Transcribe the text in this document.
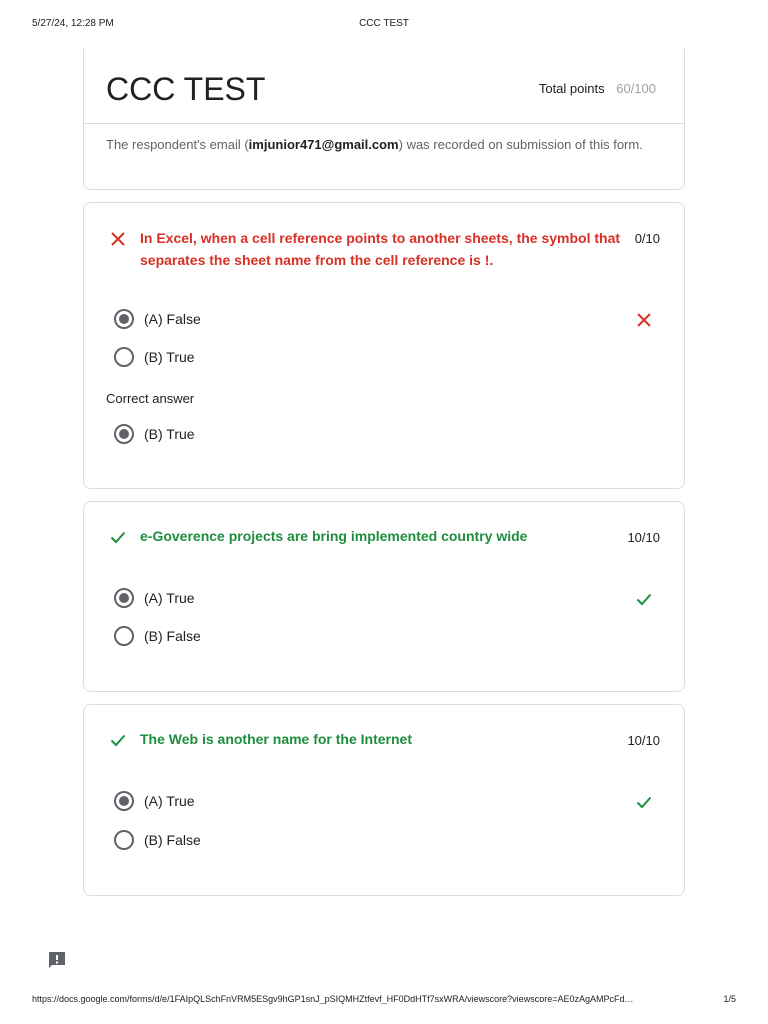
5/27/24, 12:28 PM	CCC TEST
CCC TEST	Total points 60/100
The respondent's email (imjunior471@gmail.com) was recorded on submission of this form.
In Excel, when a cell reference points to another sheets, the symbol that separates the sheet name from the cell reference is !.
0/10
(A) False
(B) True
Correct answer
(B) True
e-Goverence projects are bring implemented country wide	10/10
(A) True
(B) False
The Web is another name for the Internet	10/10
(A) True
(B) False
https://docs.google.com/forms/d/e/1FAIpQLSchFnVRM5ESgv9hGP1snJ_pSIQMHZtfevf_HF0DdHTf7sxWRA/viewscore?viewscore=AE0zAgAMPcFd…	1/5
